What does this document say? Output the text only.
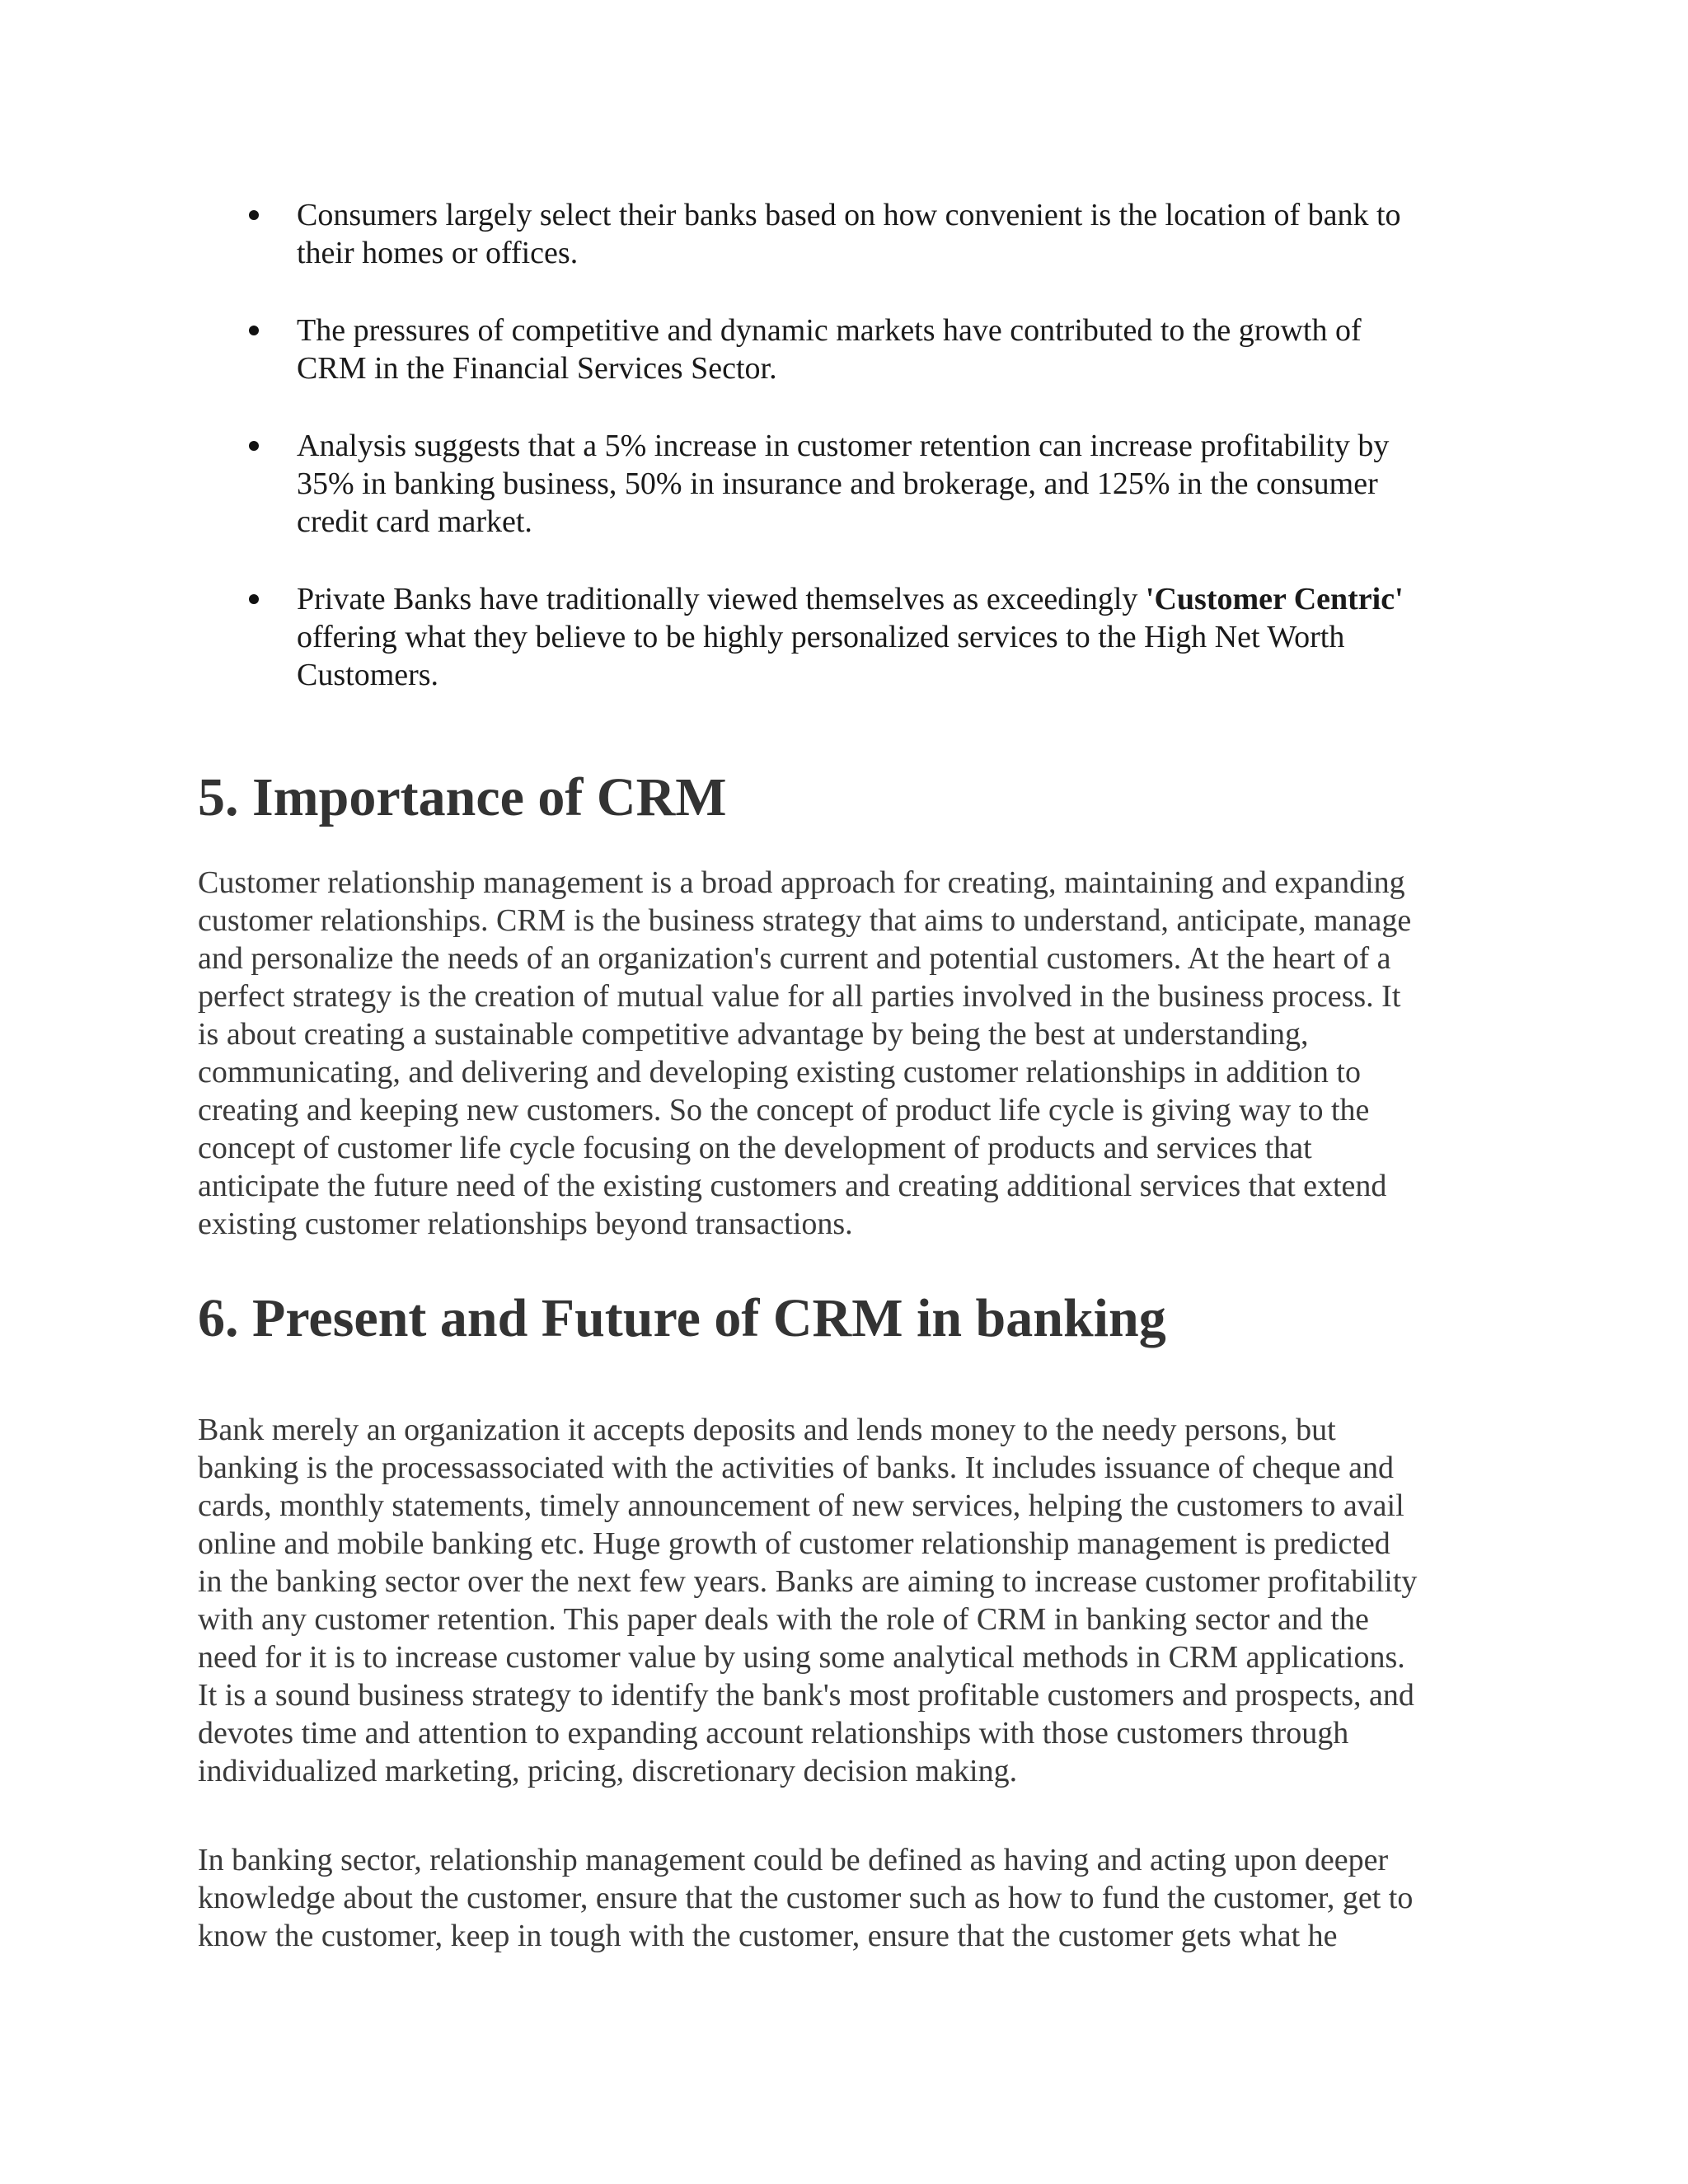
Consumers largely select their banks based on how convenient is the location of bank to
their homes or offices.
The pressures of competitive and dynamic markets have contributed to the growth of
CRM in the Financial Services Sector.
Analysis suggests that a 5% increase in customer retention can increase profitability by
35% in banking business, 50% in insurance and brokerage, and 125% in the consumer
credit card market.
Private Banks have traditionally viewed themselves as exceedingly 'Customer Centric'
offering what they believe to be highly personalized services to the High Net Worth
Customers.
5. Importance of CRM

Customer relationship management is a broad approach for creating, maintaining and expanding
customer relationships. CRM is the business strategy that aims to understand, anticipate, manage
and personalize the needs of an organization's current and potential customers. At the heart of a
perfect strategy is the creation of mutual value for all parties involved in the business process. It
is about creating a sustainable competitive advantage by being the best at understanding,
communicating, and delivering and developing existing customer relationships in addition to
creating and keeping new customers. So the concept of product life cycle is giving way to the
concept of customer life cycle focusing on the development of products and services that
anticipate the future need of the existing customers and creating additional services that extend
existing customer relationships beyond transactions.

6. Present and Future of CRM in banking

Bank merely an organization it accepts deposits and lends money to the needy persons, but
banking is the processassociated with the activities of banks. It includes issuance of cheque and
cards, monthly statements, timely announcement of new services, helping the customers to avail
online and mobile banking etc. Huge growth of customer relationship management is predicted
in the banking sector over the next few years. Banks are aiming to increase customer profitability
with any customer retention. This paper deals with the role of CRM in banking sector and the
need for it is to increase customer value by using some analytical methods in CRM applications.
It is a sound business strategy to identify the bank's most profitable customers and prospects, and
devotes time and attention to expanding account relationships with those customers through
individualized marketing, pricing, discretionary decision making.

In banking sector, relationship management could be defined as having and acting upon deeper
knowledge about the customer, ensure that the customer such as how to fund the customer, get to
know the customer, keep in tough with the customer, ensure that the customer gets what he
